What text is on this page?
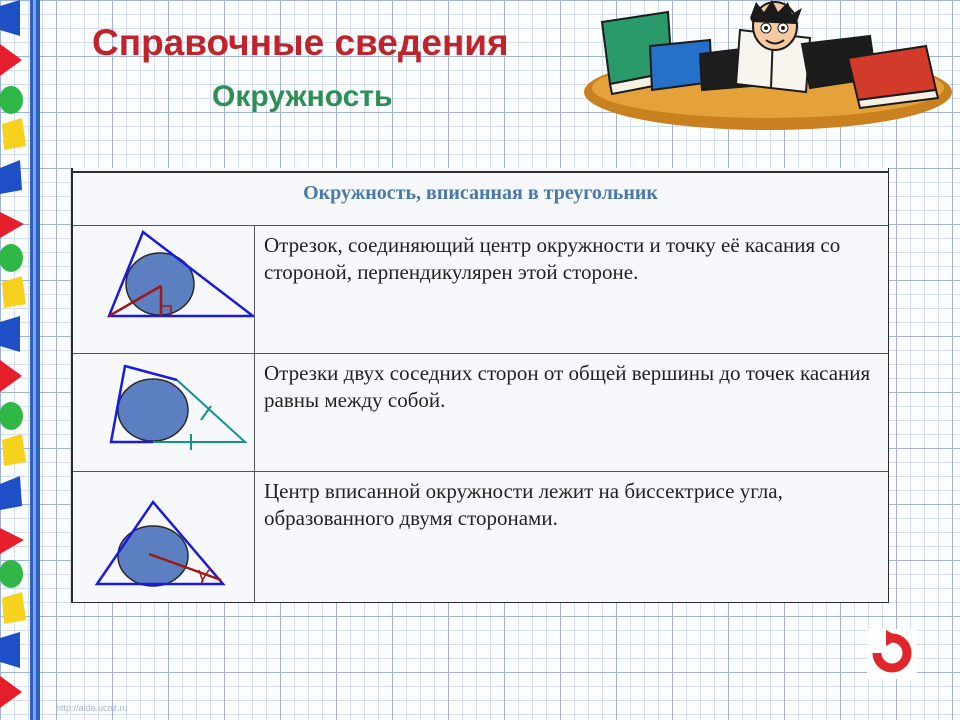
Справочные сведения
Окружность
Окружность, вписанная в треугольник
Отрезок, соединяющий центр окружности и точку её касания со стороной, перпендикулярен этой стороне.
Отрезки двух соседних сторон от общей вершины до точек касания равны между собой.
Центр вписанной окружности лежит на биссектрисе угла, образованного двумя сторонами.
http://aida.ucoz.ru
